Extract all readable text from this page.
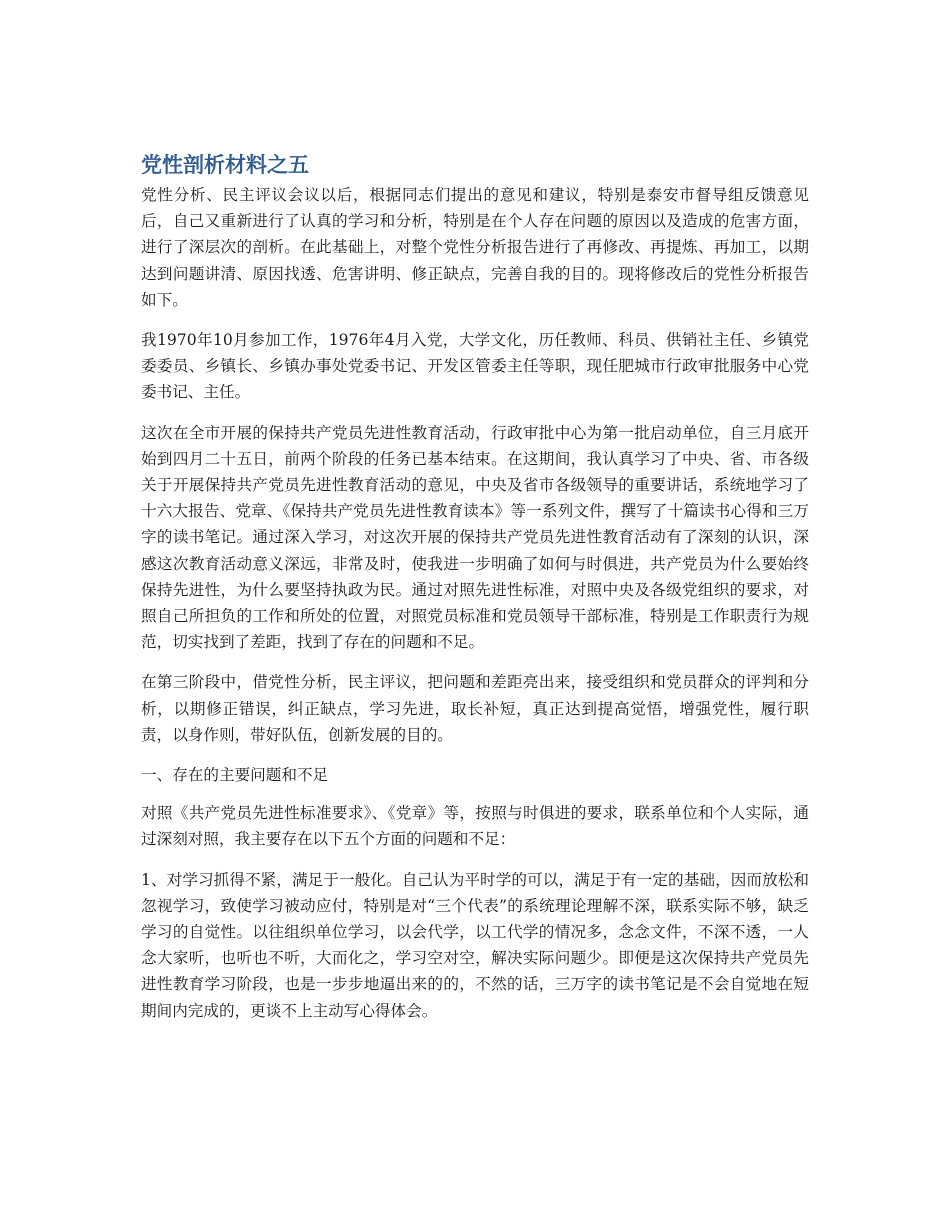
党性剖析材料之五

党性分析、民主评议会议以后，根据同志们提出的意见和建议，特别是泰安市督导组反馈意见后，自己又重新进行了认真的学习和分析，特别是在个人存在问题的原因以及造成的危害方面，进行了深层次的剖析。在此基础上，对整个党性分析报告进行了再修改、再提炼、再加工，以期达到问题讲清、原因找透、危害讲明、修正缺点，完善自我的目的。现将修改后的党性分析报告如下。

我1970年10月参加工作，1976年4月入党，大学文化，历任教师、科员、供销社主任、乡镇党委委员、乡镇长、乡镇办事处党委书记、开发区管委主任等职，现任肥城市行政审批服务中心党委书记、主任。

这次在全市开展的保持共产党员先进性教育活动，行政审批中心为第一批启动单位，自三月底开始到四月二十五日，前两个阶段的任务已基本结束。在这期间，我认真学习了中央、省、市各级关于开展保持共产党员先进性教育活动的意见，中央及省市各级领导的重要讲话，系统地学习了十六大报告、党章、《保持共产党员先进性教育读本》等一系列文件，撰写了十篇读书心得和三万字的读书笔记。通过深入学习，对这次开展的保持共产党员先进性教育活动有了深刻的认识，深感这次教育活动意义深远，非常及时，使我进一步明确了如何与时俱进，共产党员为什么要始终保持先进性，为什么要坚持执政为民。通过对照先进性标准，对照中央及各级党组织的要求，对照自己所担负的工作和所处的位置，对照党员标准和党员领导干部标准，特别是工作职责行为规范，切实找到了差距，找到了存在的问题和不足。

在第三阶段中，借党性分析，民主评议，把问题和差距亮出来，接受组织和党员群众的评判和分析，以期修正错误，纠正缺点，学习先进，取长补短，真正达到提高觉悟，增强党性，履行职责，以身作则，带好队伍，创新发展的目的。

一、存在的主要问题和不足

对照《共产党员先进性标准要求》、《党章》等，按照与时俱进的要求，联系单位和个人实际，通过深刻对照，我主要存在以下五个方面的问题和不足：

1、对学习抓得不紧，满足于一般化。自己认为平时学的可以，满足于有一定的基础，因而放松和忽视学习，致使学习被动应付，特别是对“三个代表”的系统理论理解不深，联系实际不够，缺乏学习的自觉性。以往组织单位学习，以会代学，以工代学的情况多，念念文件，不深不透，一人念大家听，也听也不听，大而化之，学习空对空，解决实际问题少。即便是这次保持共产党员先进性教育学习阶段，也是一步步地逼出来的的，不然的话，三万字的读书笔记是不会自觉地在短期间内完成的，更谈不上主动写心得体会。
